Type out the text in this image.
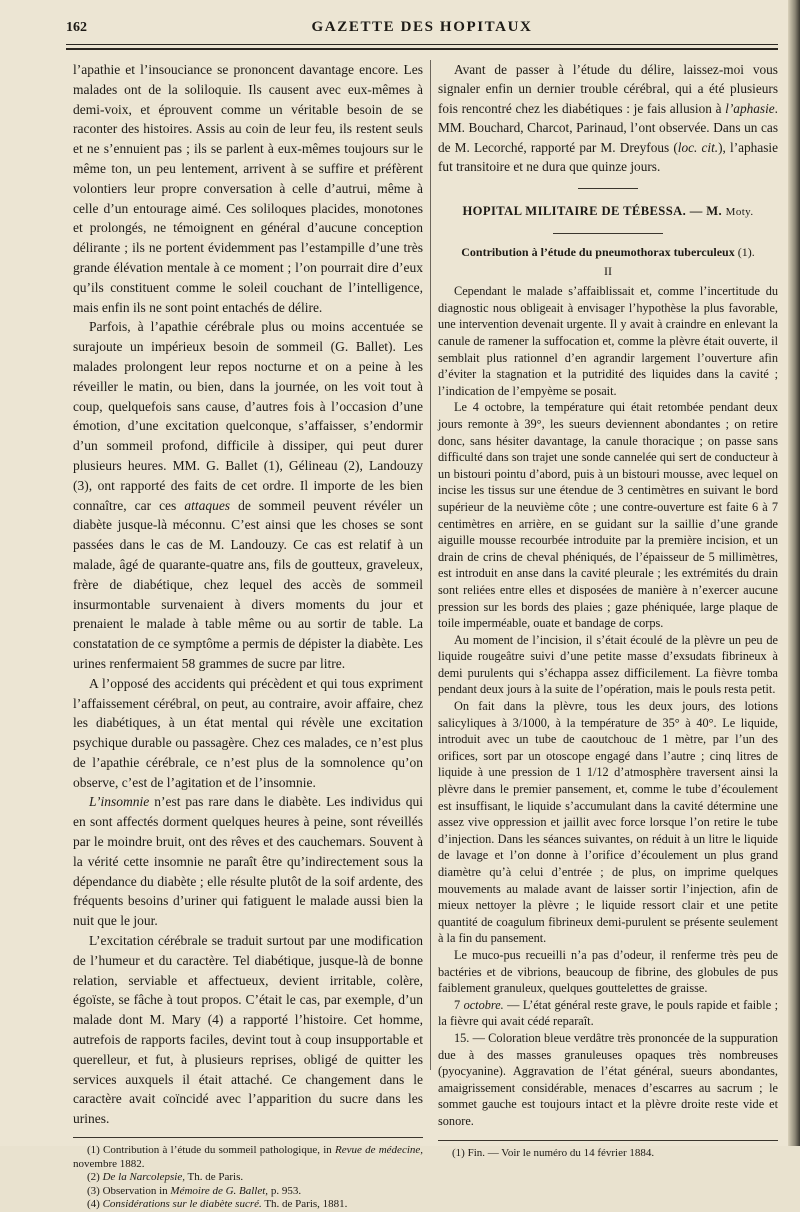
162	GAZETTE DES HOPITAUX

l’apathie et l’insouciance se prononcent davantage encore. Les malades ont de la soliloquie. Ils causent avec eux-mêmes à demi-voix, et éprouvent comme un véritable besoin de se raconter des histoires. Assis au coin de leur feu, ils restent seuls et ne s’ennuient pas ; ils se parlent à eux-mêmes toujours sur le même ton, un peu lentement, arrivent à se suffire et préfèrent volontiers leur propre conversation à celle d’autrui, même à celle d’un entourage aimé. Ces soliloques placides, monotones et prolongés, ne témoignent en général d’aucune conception délirante ; ils ne portent évidemment pas l’estampille d’une très grande élévation mentale à ce moment ; l’on pourrait dire d’eux qu’ils constituent comme le soleil couchant de l’intelligence, mais enfin ils ne sont point entachés de délire.

Parfois, à l’apathie cérébrale plus ou moins accentuée se surajoute un impérieux besoin de sommeil (G. Ballet). Les malades prolongent leur repos nocturne et on a peine à les réveiller le matin, ou bien, dans la journée, on les voit tout à coup, quelquefois sans cause, d’autres fois à l’occasion d’une émotion, d’une excitation quelconque, s’affaisser, s’endormir d’un sommeil profond, difficile à dissiper, qui peut durer plusieurs heures. MM. G. Ballet (1), Gélineau (2), Landouzy (3), ont rapporté des faits de cet ordre. Il importe de les bien connaître, car ces attaques de sommeil peuvent révéler un diabète jusque-là méconnu. C’est ainsi que les choses se sont passées dans le cas de M. Landouzy. Ce cas est relatif à un malade, âgé de quarante-quatre ans, fils de goutteux, graveleux, frère de diabétique, chez lequel des accès de sommeil insurmontable survenaient à divers moments du jour et prenaient le malade à table même ou au sortir de table. La constatation de ce symptôme a permis de dépister la diabète. Les urines renfermaient 58 grammes de sucre par litre.

A l’opposé des accidents qui précèdent et qui tous expriment l’affaissement cérébral, on peut, au contraire, avoir affaire, chez les diabétiques, à un état mental qui révèle une excitation psychique durable ou passagère. Chez ces malades, ce n’est plus de l’apathie cérébrale, ce n’est plus de la somnolence qu’on observe, c’est de l’agitation et de l’insomnie.

L’insomnie n’est pas rare dans le diabète. Les individus qui en sont affectés dorment quelques heures à peine, sont réveillés par le moindre bruit, ont des rêves et des cauchemars. Souvent à la vérité cette insomnie ne paraît être qu’indirectement sous la dépendance du diabète ; elle résulte plutôt de la soif ardente, des fréquents besoins d’uriner qui fatiguent le malade aussi bien la nuit que le jour.

L’excitation cérébrale se traduit surtout par une modification de l’humeur et du caractère. Tel diabétique, jusque-là de bonne relation, serviable et affectueux, devient irritable, colère, égoïste, se fâche à tout propos. C’était le cas, par exemple, d’un malade dont M. Mary (4) a rapporté l’histoire. Cet homme, autrefois de rapports faciles, devint tout à coup insupportable et querelleur, et fut, à plusieurs reprises, obligé de quitter les services auxquels il était attaché. Ce changement dans le caractère avait coïncidé avec l’apparition du sucre dans les urines.

(1) Contribution à l’étude du sommeil pathologique, in Revue de médecine, novembre 1882.

(2) De la Narcolepsie, Th. de Paris.

(3) Observation in Mémoire de G. Ballet, p. 953.

(4) Considérations sur le diabète sucré. Th. de Paris, 1881.

Avant de passer à l’étude du délire, laissez-moi vous signaler enfin un dernier trouble cérébral, qui a été plusieurs fois rencontré chez les diabétiques : je fais allusion à l’aphasie. MM. Bouchard, Charcot, Parinaud, l’ont observée. Dans un cas de M. Lecorché, rapporté par M. Dreyfous (loc. cit.), l’aphasie fut transitoire et ne dura que quinze jours.

HOPITAL MILITAIRE DE TÉBESSA. — M. Moty.

Contribution à l’étude du pneumothorax tuberculeux (1).

II

Cependant le malade s’affaiblissait et, comme l’incertitude du diagnostic nous obligeait à envisager l’hypothèse la plus favorable, une intervention devenait urgente. Il y avait à craindre en enlevant la canule de ramener la suffocation et, comme la plèvre était ouverte, il semblait plus rationnel d’en agrandir largement l’ouverture afin d’éviter la stagnation et la putridité des liquides dans la cavité ; l’indication de l’empyème se posait.

Le 4 octobre, la température qui était retombée pendant deux jours remonte à 39°, les sueurs deviennent abondantes ; on retire donc, sans hésiter davantage, la canule thoracique ; on passe sans difficulté dans son trajet une sonde cannelée qui sert de conducteur à un bistouri pointu d’abord, puis à un bistouri mousse, avec lequel on incise les tissus sur une étendue de 3 centimètres en suivant le bord supérieur de la neuvième côte ; une contre-ouverture est faite 6 à 7 centimètres en arrière, en se guidant sur la saillie d’une grande aiguille mousse recourbée introduite par la première incision, et un drain de crins de cheval phéniqués, de l’épaisseur de 5 millimètres, est introduit en anse dans la cavité pleurale ; les extrémités du drain sont reliées entre elles et disposées de manière à n’exercer aucune pression sur les bords des plaies ; gaze phéniquée, large plaque de toile imperméable, ouate et bandage de corps.

Au moment de l’incision, il s’était écoulé de la plèvre un peu de liquide rougeâtre suivi d’une petite masse d’exsudats fibrineux à demi purulents qui s’échappa assez difficilement. La fièvre tomba pendant deux jours à la suite de l’opération, mais le pouls resta petit.

On fait dans la plèvre, tous les deux jours, des lotions salicyliques à 3/1000, à la température de 35° à 40°. Le liquide, introduit avec un tube de caoutchouc de 1 mètre, par l’un des orifices, sort par un otoscope engagé dans l’autre ; cinq litres de liquide à une pression de 1 1/12 d’atmosphère traversent ainsi la plèvre dans le premier pansement, et, comme le tube d’écoulement est insuffisant, le liquide s’accumulant dans la cavité détermine une assez vive oppression et jaillit avec force lorsque l’on retire le tube d’injection. Dans les séances suivantes, on réduit à un litre le liquide de lavage et l’on donne à l’orifice d’écoulement un plus grand diamètre qu’à celui d’entrée ; de plus, on imprime quelques mouvements au malade avant de laisser sortir l’injection, afin de mieux nettoyer la plèvre ; le liquide ressort clair et une petite quantité de coagulum fibrineux demi-purulent se présente seulement à la fin du pansement.

Le muco-pus recueilli n’a pas d’odeur, il renferme très peu de bactéries et de vibrions, beaucoup de fibrine, des globules de pus faiblement granuleux, quelques gouttelettes de graisse.

7 octobre. — L’état général reste grave, le pouls rapide et faible ; la fièvre qui avait cédé reparaît.

15. — Coloration bleue verdâtre très prononcée de la suppuration due à des masses granuleuses opaques très nombreuses (pyocyanine). Aggravation de l’état général, sueurs abondantes, amaigrissement considérable, menaces d’escarres au sacrum ; le sommet gauche est toujours intact et la plèvre droite reste vide et sonore.

(1) Fin. — Voir le numéro du 14 février 1884.
